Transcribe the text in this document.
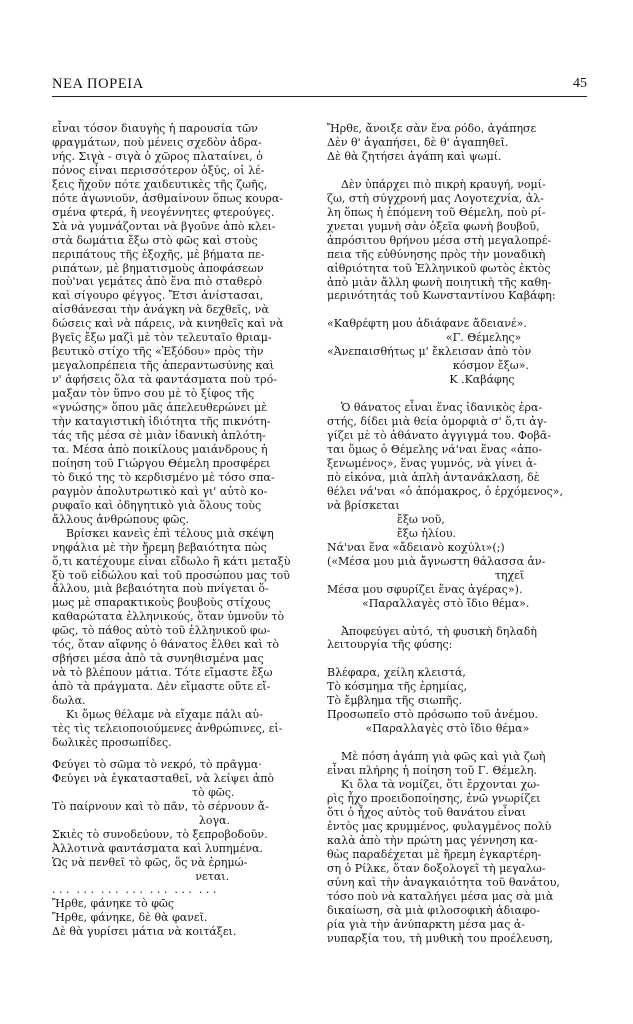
ΝΕΑ ΠΟΡΕΙΑ	45
εἶναι τόσον διαυγὴς ἡ παρουσία τῶν
φραγμάτων, ποὺ μένεις σχεδὸν ἀδρα-
νής. Σιγὰ - σιγὰ ὁ χῶρος πλαταίνει, ὁ
πόνος εἶναι περισσότερον ὀξύς, οἱ λέ-
ξεις ἤχοῦν πότε χαιδευτικὲς τῆς ζωῆς,
πότε ἀγωνιοῦν, ἀσθμαίνουν ὅπως κουρα-
σμένα φτερά, ἢ νεογέννητες φτερούγες.
Σὰ νὰ γυμνάζονται νὰ βγοῦνε ἀπὸ κλει-
στὰ δωμάτια ἔξω στὸ φῶς καὶ στοὺς
περιπάτους τῆς ἐξοχῆς, μὲ βήματα πε-
ριπάτων, μὲ βηματισμοὺς ἀποφάσεων
ποὺ'ναι γεμάτες ἀπὸ ἕνα πιὸ σταθερὸ
καὶ σίγουρο φέγγος. Ἔτσι ἀνίστασαι,
αἰσθάνεσαι τὴν ἀνάγκη νὰ δεχθεῖς, νὰ
δώσεις καὶ νὰ πάρεις, νὰ κινηθεῖς καὶ νὰ
βγεῖς ἔξω μαζὶ μὲ τὸν τελευταῖο θριαμ-
βευτικὸ στίχο τῆς «Ἐξόδου» πρὸς τὴν
μεγαλοπρέπεια τῆς ἀπεραντωσύνης καὶ
ν' ἀφήσεις ὅλα τὰ φαντάσματα ποὺ τρό-
μαξαν τὸν ὕπνο σου μὲ τὸ ξίφος τῆς
«γνώσης» ὅπου μᾶς ἀπελευθερώνει μὲ
τὴν καταγιστικὴ ἰδιότητα τῆς πικνότη-
τάς τῆς μέσα σὲ μιὰν ἰδανικὴ ἁπλότη-
τα. Μέσα ἀπὸ ποικίλους μαιάνδρους ἡ
ποίηση τοῦ Γιώργου Θέμελη προσφέρει
τὸ δικό της τὸ κερδισμένο μὲ τόσο σπα-
ραγμὸν ἀπολυτρωτικὸ καὶ γι' αὐτὸ κο-
ρυφαῖο καὶ ὁδηγητικὸ γιὰ ὅλους τοὺς
ἄλλους ἀνθρώπους φῶς.
Βρίσκει κανεὶς ἐπὶ τέλους μιὰ σκέψη
νηφάλια μὲ τὴν ἤρεμη βεβαιότητα πὼς
ὅ,τι κατέχουμε εἶναι εἴδωλο ἢ κάτι μεταξὺ
ξὺ τοῦ εἰδώλου καὶ τοῦ προσώπου μας τοῦ
ἄλλου, μιὰ βεβαιότητα ποὺ πνίγεται ὅ-
μως μὲ σπαρακτικοὺς βουβοὺς στίχους
καθαρώτατα ἑλληνικούς, ὅταν ὑμνοῦν τὸ
φῶς, τὸ πάθος αὐτὸ τοῦ ἑλληνικοῦ φω-
τός, ὅταν αἴφνης ὁ θάνατος ἔλθει καὶ τὸ
σβήσει μέσα ἀπὸ τὰ συνηθισμένα μας
νὰ τὸ βλέπουν μάτια. Τότε εἴμαστε ἔξω
ἀπὸ τὰ πράγματα. Δὲν εἴμαστε οὔτε εἴ-
δωλα.
Κι ὅμως θέλαμε νὰ εἴχαμε πάλι αὐ-
τὲς τὶς τελειοποιούμενες ἀνθρώπινες, εἰ-
δωλικὲς προσωπίδες.
Φεύγει τὸ σῶμα τὸ νεκρό, τὸ πρᾶγμα·
Φεύγει νὰ ἐγκατασταθεῖ, νὰ λείψει ἀπὸ
τὸ φῶς.
Τὸ παίρνουν καὶ τὸ πᾶν, τὸ σέρνουν ἄ-
λογα.
Σκιὲς τὸ συνοδεύουν, τὸ ξεπροβοδοῦν.
Ἀλλοτινὰ φαντάσματα καὶ λυπημένα.
Ὡς νὰ πενθεῖ τὸ φῶς, ὅς νὰ ἐρημώ-
νεται.
. . .  . . .  . . .  . . .  . . .  . . .  . . .
Ἤρθε, φάνηκε τὸ φῶς
Ἤρθε, φάνηκε, δὲ θὰ φανεῖ.
Δὲ θὰ γυρίσει μάτια νὰ κοιτάξει.
Ἤρθε, ἄνοιξε σὰν ἕνα ρόδο, ἀγάπησε
Δὲν θ' ἀγαπήσει, δὲ θ' ἀγαπηθεῖ.
Δὲ θὰ ζητήσει ἀγάπη καὶ ψωμί.
Δὲν ὑπάρχει πιὸ πικρὴ κραυγή, νομί-
ζω, στὴ σύγχρονή μας Λογοτεχνία, ἀλ-
λη ὅπως ἡ ἐπόμενη τοῦ Θέμελη, ποὺ ρί-
χνεται γυμνὴ σὰν ὀξεῖα φωνὴ βουβοῦ,
ἀπρόσιτου θρήνου μέσα στὴ μεγαλοπρέ-
πεια τῆς εὐθύνησης πρὸς τὴν μοναδικὴ
αἰθριότητα τοῦ Ἑλληνικοῦ φωτὸς ἐκτὸς
ἀπὸ μιὰν ἄλλη φωνὴ ποιητικὴ τῆς καθη-
μερινότητάς τοῦ Κωνσταντίνου Καβάφη:
«Καθρέφτη μου ἀδιάφανε ἄδειανέ».
«Γ. Θέμελης»
«Ἀνεπαισθήτως μ' ἔκλεισαν ἀπὸ τὸν
κόσμον ἔξω».
Κ .Καβάφης
Ὁ θάνατος εἶναι ἕνας ἰδανικὸς ἐρα-
στής, δίδει μιὰ θεία ὁμορφιὰ σ' ὅ,τι ἀγ-
γίζει μὲ τὸ ἀθάνατο ἀγγιγμά του. Φοβᾶ-
ται ὅμως ὁ Θέμελης νά'ναι ἕνας «ἀπο-
ξενωμένος», ἕνας γυμνός, νὰ γίνει ἀ-
πὸ εἰκόνα, μιὰ ἁπλὴ ἀντανάκλαση, δὲ
θέλει νά'ναι «ὁ ἀπόμακρος, ὁ ἐρχόμενος»,
νὰ βρίσκεται
ἔξω νοῦ,
ἔξω ἡλίου.
Νά'ναι ἕνα «ἄδειανὸ κοχύλι»(;)
(«Μέσα μου μιὰ ἄγνωστη θάλασσα ἀν-
τηχεῖ
Μέσα μου σφυρίζει ἕνας ἀγέρας»).
«Παραλλαγὲς στὸ ἴδιο θέμα».
Ἀποφεύγει αὐτό, τὴ φυσικὴ δηλαδὴ
λειτουργία τῆς φύσης:
Βλέφαρα, χείλη κλειστά,
Τὸ κόσμημα τῆς ἐρημίας,
Τὸ ἔμβλημα τῆς σιωπῆς.
Προσωπεῖο στὸ πρόσωπο τοῦ ἀνέμου.
«Παραλλαγὲς στὸ ἴδιο θέμα»
Μὲ πόση ἀγάπη γιὰ φῶς καὶ γιὰ ζωὴ
εἶναι πλήρης ἡ ποίηση τοῦ Γ. Θέμελη.
Κι ὅλα τὰ νομίζει, ὅτι ἔρχονται χω-
ρὶς ἦχο προειδοποίησης, ἐνῶ γνωρίζει
ὅτι ὁ ἦχος αὐτὸς τοῦ θανάτου εἶναι
ἐντὸς μας κρυμμένος, φυλαγμένος πολὺ
καλὰ ἀπὸ τὴν πρώτη μας γέννηση κα-
θὼς παραδέχεται μὲ ἤρεμη ἐγκαρτέρη-
ση ὁ Ρίλκε, ὅταν δοξολογεῖ τὴ μεγαλω-
σύνη καὶ τὴν ἀναγκαιότητα τοῦ θανάτου,
τόσο ποὺ νὰ καταλήγει μέσα μας σὰ μιὰ
δικαίωση, σὰ μιὰ φιλοσοφικὴ ἀδιαφο-
ρία γιὰ τὴν ἀνύπαρκτη μέσα μας ἀ-
νυπαρξία του, τὴ μυθικὴ του προέλευση,
